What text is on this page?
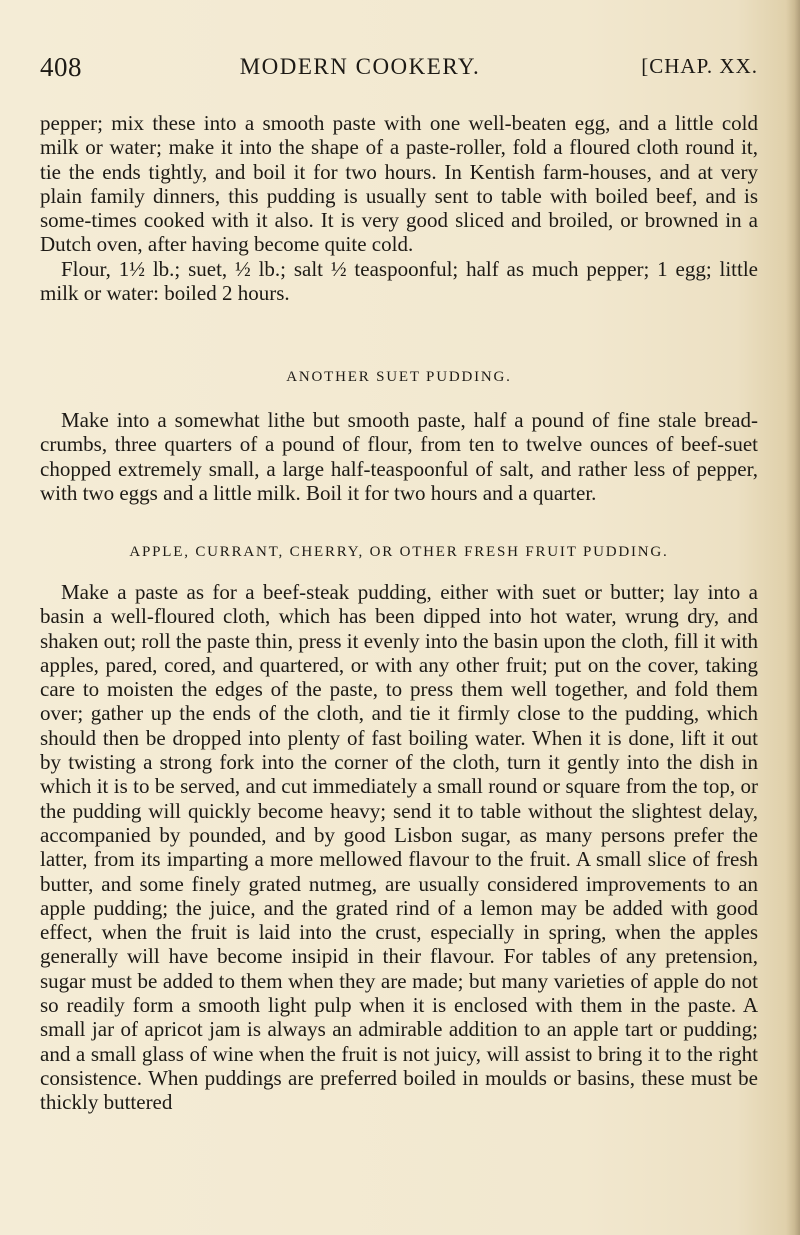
408	MODERN COOKERY.	[CHAP. XX.

pepper; mix these into a smooth paste with one well-beaten egg, and a little cold milk or water; make it into the shape of a paste-roller, fold a floured cloth round it, tie the ends tightly, and boil it for two hours. In Kentish farm-houses, and at very plain family dinners, this pudding is usually sent to table with boiled beef, and is some-times cooked with it also. It is very good sliced and broiled, or browned in a Dutch oven, after having become quite cold.

Flour, 1½ lb.; suet, ½ lb.; salt ½ teaspoonful; half as much pepper; 1 egg; little milk or water: boiled 2 hours.

ANOTHER SUET PUDDING.

Make into a somewhat lithe but smooth paste, half a pound of fine stale bread-crumbs, three quarters of a pound of flour, from ten to twelve ounces of beef-suet chopped extremely small, a large half-teaspoonful of salt, and rather less of pepper, with two eggs and a little milk. Boil it for two hours and a quarter.

APPLE, CURRANT, CHERRY, OR OTHER FRESH FRUIT PUDDING.

Make a paste as for a beef-steak pudding, either with suet or butter; lay into a basin a well-floured cloth, which has been dipped into hot water, wrung dry, and shaken out; roll the paste thin, press it evenly into the basin upon the cloth, fill it with apples, pared, cored, and quartered, or with any other fruit; put on the cover, taking care to moisten the edges of the paste, to press them well together, and fold them over; gather up the ends of the cloth, and tie it firmly close to the pudding, which should then be dropped into plenty of fast boiling water. When it is done, lift it out by twisting a strong fork into the corner of the cloth, turn it gently into the dish in which it is to be served, and cut immediately a small round or square from the top, or the pudding will quickly become heavy; send it to table without the slightest delay, accompanied by pounded, and by good Lisbon sugar, as many persons prefer the latter, from its imparting a more mellowed flavour to the fruit. A small slice of fresh butter, and some finely grated nutmeg, are usually considered improvements to an apple pudding; the juice, and the grated rind of a lemon may be added with good effect, when the fruit is laid into the crust, especially in spring, when the apples generally will have become insipid in their flavour. For tables of any pretension, sugar must be added to them when they are made; but many varieties of apple do not so readily form a smooth light pulp when it is enclosed with them in the paste. A small jar of apricot jam is always an admirable addition to an apple tart or pudding; and a small glass of wine when the fruit is not juicy, will assist to bring it to the right consistence. When puddings are preferred boiled in moulds or basins, these must be thickly buttered
